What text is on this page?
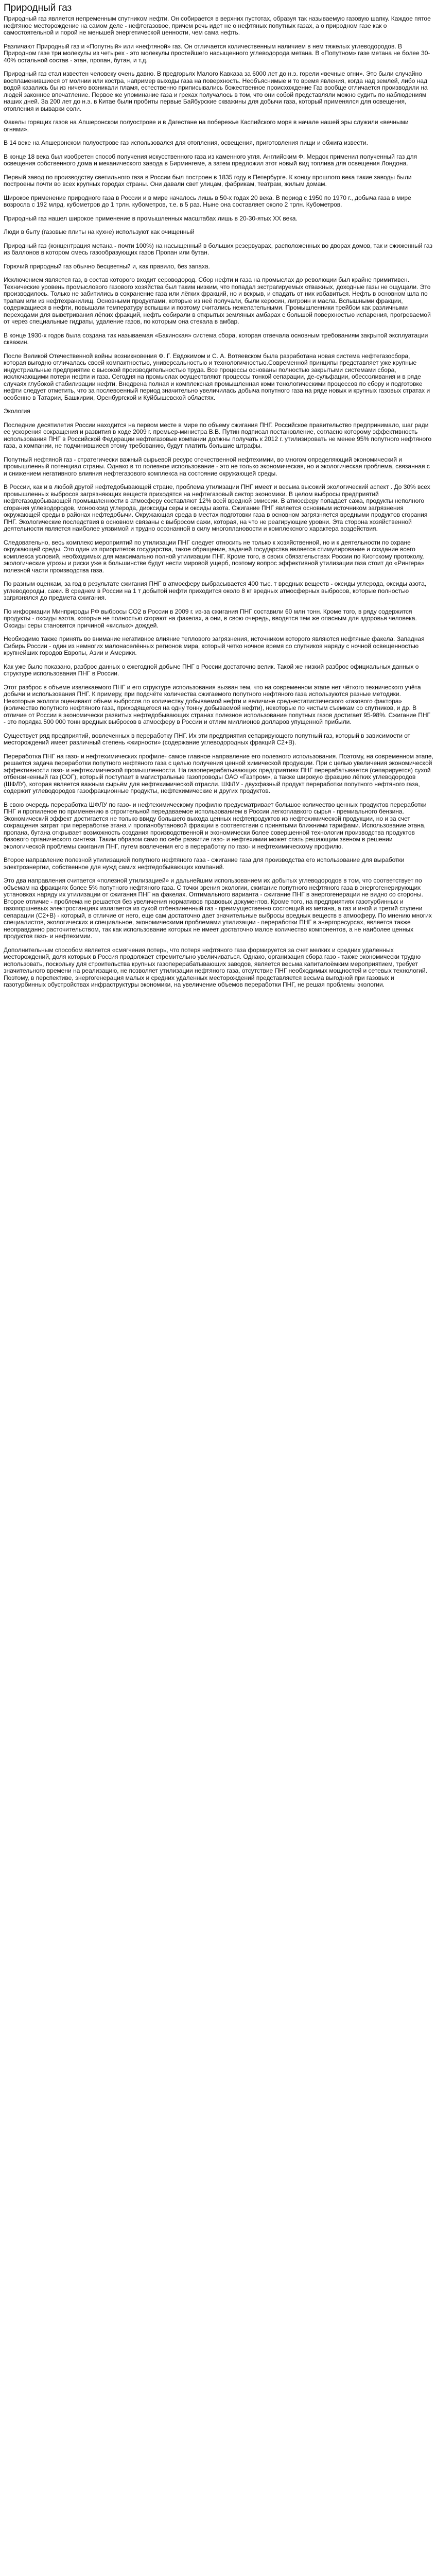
Природный газ

Природный газ является непременным спутником нефти. Он собирается в верхних пустотах, образуя так называемую газовую шапку. Каждое пятое нефтяное месторождение на самом деле - нефтегазовое, причем речь идет не о нефтяных попутных газах, а о природном газе как о самостоятельной и порой не меньшей энергетической ценности, чем сама нефть.

Различают Природный газ и «Попутный» или «нефтяной» газ. Он отличается количественным наличием в нем тяжелых углеводородов. В Природном газе три молекулы из четырех - это молекулы простейшего насыщенного углеводорода метана. В «Попутном» газе метана не более 30-40% остальной состав - этан, пропан, бутан, и т.д.

Природный газ стал известен человеку очень давно. В предгорьях Малого Кавказа за 6000 лет до н.э. горели «вечные огни». Это были случайно воспламенившиеся от молнии или костра, например выходы газа на поверхность. Необъяснимые и то время явления, когда над землей, либо над водой казались бы из ничего возникали пламя, естественно приписывались божественное происхождение Газ вообще отличается производили на людей законное впечатление. Первое же упоминание газа и греках получалось в том, что они собой представляли можно судить по наблюдениям наших дней. За 200 лет до н.э. в Китае были пробиты первые Байбурские скважины для добычи газа, который применялся для освещения, отопления и выварки соли.

Факелы горящих газов на Апшеронском полуострове и в Дагестане на побережье Каспийского моря в начале нашей эры служили «вечными огнями».

В 14 веке на Апшеронском полуострове газ использовался для отопления, освещения, приготовления пищи и обжига извести.

В конце 18 века был изобретен способ получения искусственного газа из каменного угля. Английским Ф. Мердок применил полученный газ для освещения собственного дома и механического завода в Бирмингеме, а затем предложил этот новый вид топлива для освещения Лондона.

Первый завод по производству светильного газа в России был построен в 1835 году в Петербурге. К концу прошлого века такие заводы были построены почти во всех крупных городах страны. Они давали свет улицам, фабрикам, театрам, жилым домам.

Широкое применение природного газа в России и в мире началось лишь в 50-х годах 20 века. В период с 1950 по 1970 г., добыча газа в мире возросла с 192 млрд. кубометров до 1 трлн. кубометров, т.е. в 5 раз. Ныне она составляет около 2 трлн. Кубометров.

Природный газ нашел широкое применение в промышленных масштабах лишь в 20-30-ятых XX века.

Люди в быту (газовые плиты на кухне) используют как очищенный

Природный газ (концентрация метана - почти 100%) на насыщенный в больших резервуарах, расположенных во дворах домов, так и сжиженный газ из баллонов в котором смесь газообразующих газов Пропан или бутан.

Горючий природный газ обычно бесцветный и, как правило, без запаха.

Исключением является газ, в состав которого входит сероводород. Сбор нефти и газа на промыслах до революции был крайне примитивен. Технические уровень промыслового газового хозяйства был таким низким, что попадал экстрагируемых отважных, доходные газы не ощущали. Это производилось. Только не забитились в сохранение газа или лёгких фракций, но и вскрыв, и спадать от них избавиться. Нефть в основном шла по трапам или из нефтехранилищ. Основными продуктами, которые из неё получали, были керосин, лигроин и масла. Вспышными фракции, содержащиеся в нефти, повышали температуру вспышки и поэтому считались нежелательными. Промышленники трейбом как различными переходами для выветривания лёгких фракций, нефть собирали в открытых земляных амбарах с большой поверхностью испарения, прогреваемой от через специальные гидраты, удаление газов, по которым она стекала в амбар.

В конце 1930-х годов была создана так называемая «Бакинская» система сбора, которая отвечала основным требованиям закрытой эксплуатации скважин.

После Великой Отечественной войны возникновения Ф. Г. Евдокимом и С. А. Вотяевском была разработана новая система нефтегазосбора, которая выгодно отличалась своей компактностью, универсальностью и технологичностью.Современной принципы представляет уже крупные индустриальные предприятие с высокой производительностью труда. Все процессы основаны полностью закрытыми системами сбора, исключающими потери нефти и газа. Сегодня на промыслах осуществляют процессы тонкой сепарации, де-сульфации, обессоливания и в ряде случаях глубокой стабилизации нефти. Внедрена полная и комплексная промышленная коми тенологическими процессов по сбору и подготовке нефти следует отметить, что за послевоенный период значительно увеличилась добыча попутного газа на ряде новых и крупных газовых стратах и особенно в Татарии, Башкирии, Оренбургской и Куйбышевской областях.

Экология

Последние десятилетия России находится на первом месте в мире по объему сжигания ПНГ. Российское правительство предпринимало, шаг ради ее ускорения сокращения и развития в ходе 2009 г. премьер-министра В.В. Путин подписал постановление, согласно которому эффективность использования ПНГ в Российской Федерации нефтегазовые компании должны получать к 2012 г. утилизировать не менее 95% попутного нефтяного газа, а компании, не подчинившиеся этому требованию, будут платить большие штрафы.

Попутный нефтяной газ - стратегически важный сырьевой ресурс отечественной нефтехимии, во многом определяющий экономический и промышленный потенциал страны. Однако в то полезное использование - это не только экономическая, но и экологическая проблема, связанная с и снижением негативного влияния нефтегазового комплекса на состояние окружающей среды.

В России, как и в любой другой нефтедобывающей стране, проблема утилизации ПНГ имеет и весьма высокий экологический аспект . До 30% всех промышленных выбросов загрязняющих веществ приходятся на нефтегазовый сектор экономики. В целом выбросы предприятий нефтегазодобывающей промышленности в атмосферу составляют 12% всей вредной эмиссии. В атмосферу попадает сажа, продукты неполного сгорания углеводородов, монооксид углерода, диоксиды серы и оксиды азота. Сжигание ПНГ является основным источником загрязнения окружающей среды в районах нефтедобычи. Окружающая среда в местах подготовки газа в основном загрязняется вредными продуктов сгорания ПНГ. Экологические последствия в основном связаны с выбросом сажи, которая, на что не реагирующие уровни. Эта сторона хозяйственной деятельности является наиболее уязвимой и трудно осознанной в силу многоплановости и комплексного характера воздействия.

Следовательно, весь комплекс мероприятий по утилизации ПНГ следует относить не только к хозяйственной, но и к деятельности по охране окружающей среды. Это один из приоритетов государства, такое обращение, задачей государства является стимулирование и создание всего комплекса условий, необходимых для максимально полной утилизации ПНГ. Кроме того, в своих обязательствах России по Киотскому протоколу, экологические угрозы и риски уже в большинстве будут нести мировой ущерб, поэтому вопрос эффективной утилизации газа стоит до «Рингера» полезной части производства газа.

По разным оценкам, за год в результате сжигания ПНГ в атмосферу выбрасывается 400 тыс. т вредных веществ - оксиды углерода, оксиды азота, углеводороды, сажи. В среднем в России на 1 т добытой нефти приходится около 8 кг вредных атмосферных выбросов, которые полностью загрязнялся до предмета сжигания.

По информации Минприроды РФ выбросы CO2 в России в 2009 г. из-за сжигания ПНГ составили 60 млн тонн. Кроме того, в ряду содержится продукты - оксиды азота, которые не полностью сгорают на факелах, а они, в свою очередь, вводятся тем же опасным для здоровья человека. Оксиды серы становятся причиной «кислых» дождей.

Необходимо также принять во внимание негативное влияние теплового загрязнения, источником которого являются нефтяные факела. Западная Сибирь России - один из немногих малонаселённых регионов мира, который четко ночное время со спутников наряду с ночной освещенностью крупнейших городов Европы, Азии и Америки.

Как уже было показано, разброс данных о ежегодной добыче ПНГ в России достаточно велик. Такой же низкий разброс официальных данных о структуре использования ПНГ в России.

Этот разброс в объеме извлекаемого ПНГ и его структуре использования вызван тем, что на современном этапе нет чёткого технического учёта добычи и использования ПНГ. К примеру, при подсчёте количества сжигаемого попутного нефтяного газа используются разные методики. Некоторые экологи оценивают объем выбросов по количеству добываемой нефти и величине среднестатистического «газового фактора» (количество попутного нефтяного газа, приходящегося на одну тонну добываемой нефти), некоторые по чистым съемкам со спутников, и др. В отличие от России в экономически развитых нефтедобывающих странах полезное использование попутных газов достигает 95-98%. Сжигание ПНГ - это порядка 500 000 тонн вредных выбросов в атмосферу в России и отлим миллионов долларов упущенной прибыли.

Существует ряд предприятий, вовлеченных в переработку ПНГ. Их эти предприятия сепарирующего попутный газ, который в зависимости от месторождений имеет различный степень «жирности» (содержание углеводородных фракций C2+В).

Переработка ПНГ на газо- и нефтехимических профиле- самое главное направление его полезного использования. Поэтому, на современном этапе, решается задача переработки попутного нефтяного газа с целью получения ценной химической продукции. При с целью увеличения экономической эффективности газо- и нефтехимической промышленности. На газоперерабатывающих предприятиях ПНГ перерабатывается (сепарируется) сухой отбензиненный газ (СОГ), который поступает в магистральные газопроводы ОАО «Газпром», а также широкую фракцию лёгких углеводородов (ШФЛУ), которая является важным сырьём для нефтехимической отрасли. ШФЛУ - двухфазный продукт переработки попутного нефтяного газа, содержит углеводородов газофракционные продукты, нефтехимические и других продуктов.

В свою очередь переработка ШФЛУ по газо- и нефтехимическому профилю предусматривает большое количество ценных продуктов переработки ПНГ и пропиленое по применению в строительной передаваемое использованием в России легкоплавкого сырья - премиального бензина. Экономический эффект достигается не только ввиду большего выхода ценных нефтепродуктов из нефтехимической продукции, но и за счет сокращения затрат при переработке этана и пропанобутановой фракции в соответствии с принятыми ближними тарифами. Использование этана, пропана, бутана открывает возможность создания производственной и экономически более совершенной технологии производства продуктов базового органического синтеза. Таким образом само по себе развитие газо- и нефтехимии может стать решающим звеном в решении экологической проблемы сжигания ПНГ, путем вовлечения его в переработку по газо- и нефтехимическому профилю.

Второе направление полезной утилизацией попутного нефтяного газа - сжигание газа для производства его использование для выработки электроэнергии, собственное для нужд самих нефтедобывающих компаний.

Это два направления считается «полезной утилизацией» и дальнейшим использованием их добытых углеводородов в том, что соответствует по объемам на фракциях более 5% попутного нефтяного газа. С точки зрения экологии, сжигание попутного нефтяного газа в энергогенерирующих установках наряду их утилизации от сжигания ПНГ на факелах. Оптимального варианта - сжигание ПНГ в энергогенерации не видно со стороны. Второе отличие - проблема не решается без увеличения нормативов правовых документов. Кроме того, на предприятиях газотурбинных и газопоршневых электростанциях излагается из сухой отбензиненный газ - преимущественно состоящий из метана, а газ и иной и третий ступени сепарации (С2+В) - который, в отличие от него, еще сам достаточно дает значительные выбросы вредных веществ в атмосферу. По мнению многих специалистов, экологических и специальное, экономическими проблемами утилизации - переработки ПНГ в энергоресурсах, является также неоправданно расточительством, так как использование которых не имеет достаточно малое количество компонентов, а не наиболее ценных продуктов газо- и нефтехимии.

Дополнительным способом является «смягчения потерь, что потеря нефтяного газа формируется за счет мелких и средних удаленных месторождений, доля которых в Россия продолжает стремительно увеличиваться. Однако, организация сбора газо - также экономически трудно использовать, поскольку для строительства крупных газоперерабатывающих заводов, является весьма капиталоёмким мероприятием, требует значительного времени на реализацию, не позволяет утилизации нефтяного газа, отсутствие ПНГ необходимых мощностей и сетевых технологий. Поэтому, в перспективе, энергогенерация малых и средних удаленных месторождений представляется весьма выгодной при газовых и газотурбинных обустройствах инфраструктуры экономики, на увеличение объемов переработки ПНГ, не решая проблемы экологии.
